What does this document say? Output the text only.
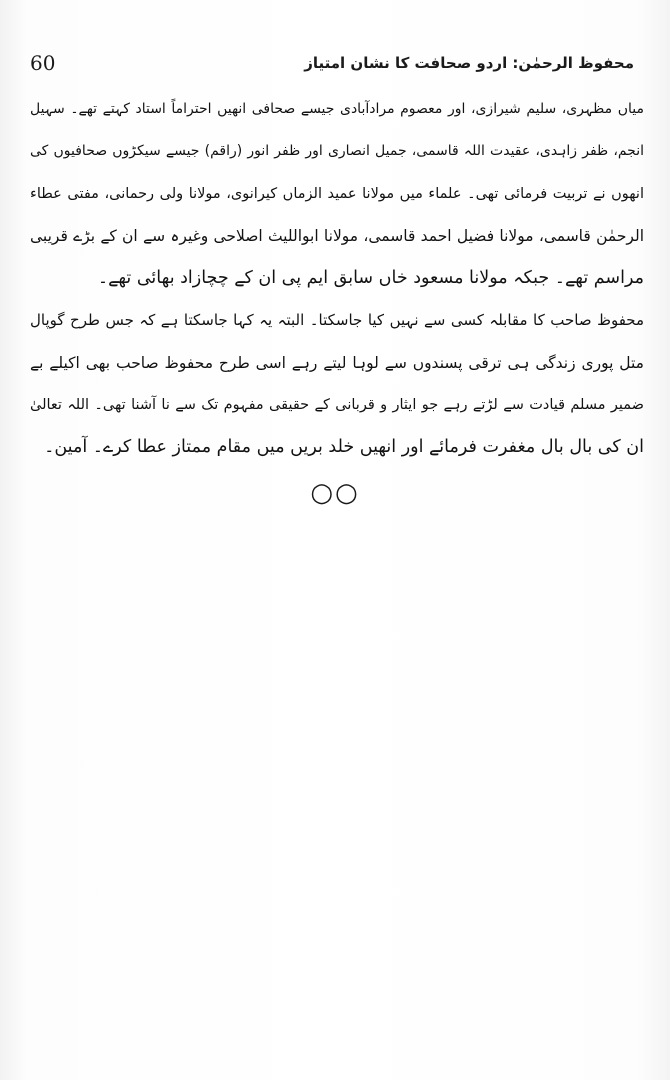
60	محفوظ الرحمٰن: اردو صحافت کا نشان امتیاز
میاں مظہری، سلیم شیرازی، اور معصوم مرادآبادی جیسے صحافی انھیں احتراماً استاد کہتے تھے۔ سہیل
انجم، ظفر زاہدی، عقیدت اللہ قاسمی، جمیل انصاری اور ظفر انور (راقم) جیسے سیکڑوں صحافیوں کی
انھوں نے تربیت فرمائی تھی۔ علماء میں مولانا عمید الزماں کیرانوی، مولانا ولی رحمانی، مفتی عطاء
الرحمٰن قاسمی، مولانا فضیل احمد قاسمی، مولانا ابواللیث اصلاحی وغیرہ سے ان کے بڑے قریبی
مراسم تھے۔ جبکہ مولانا مسعود خاں سابق ایم پی ان کے چچازاد بھائی تھے۔
محفوظ صاحب کا مقابلہ کسی سے نہیں کیا جاسکتا۔ البتہ یہ کہا جاسکتا ہے کہ جس طرح گوپال
متل پوری زندگی ہی ترقی پسندوں سے لوہا لیتے رہے اسی طرح محفوظ صاحب بھی اکیلے بے
ضمیر مسلم قیادت سے لڑتے رہے جو ایثار و قربانی کے حقیقی مفہوم تک سے نا آشنا تھی۔ اللہ تعالیٰ
ان کی بال بال مغفرت فرمائے اور انھیں خلد بریں میں مقام ممتاز عطا کرے۔ آمین۔
○○
